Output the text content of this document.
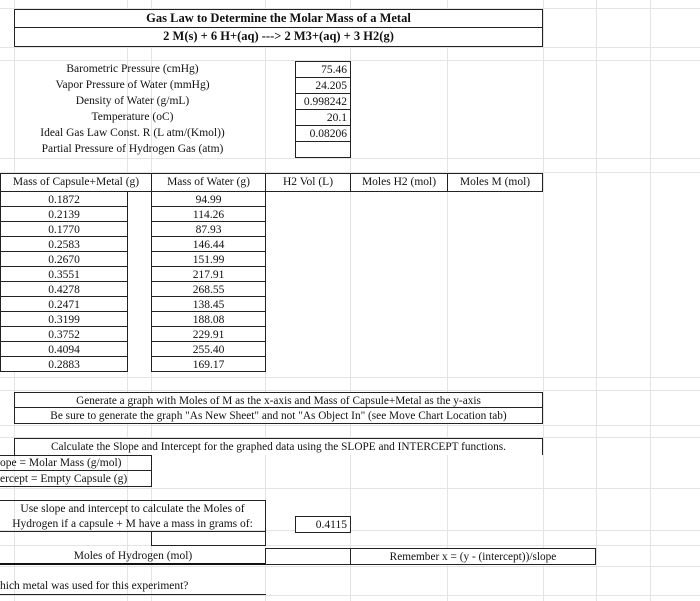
Gas Law to Determine the Molar Mass of a Metal
2 M(s) + 6 H+(aq) ---> 2 M3+(aq) + 3 H2(g)
Barometric Pressure (cmHg)	75.46
Vapor Pressure of Water (mmHg)	24.205
Density of Water (g/mL)	0.998242
Temperature (oC)	20.1
Ideal Gas Law Const. R (L atm/(Kmol))	0.08206
Partial Pressure of Hydrogen Gas (atm)
Mass of Capsule+Metal (g)	Mass of Water (g)	H2 Vol (L)	Moles H2 (mol)	Moles M (mol)
0.1872	94.99
0.2139	114.26
0.1770	87.93
0.2583	146.44
0.2670	151.99
0.3551	217.91
0.4278	268.55
0.2471	138.45
0.3199	188.08
0.3752	229.91
0.4094	255.40
0.2883	169.17
Generate a graph with Moles of M as the x-axis and Mass of Capsule+Metal as the y-axis
Be sure to generate the graph "As New Sheet" and not "As Object In" (see Move Chart Location tab)
Calculate the Slope and Intercept for the graphed data using the SLOPE and INTERCEPT functions.
ope = Molar Mass (g/mol)
ercept = Empty Capsule (g)
Use slope and intercept to calculate the Moles of
Hydrogen if a capsule + M have a mass in grams of:	0.4115
Moles of Hydrogen (mol)	Remember x = (y - (intercept))/slope
hich metal was used for this experiment?
